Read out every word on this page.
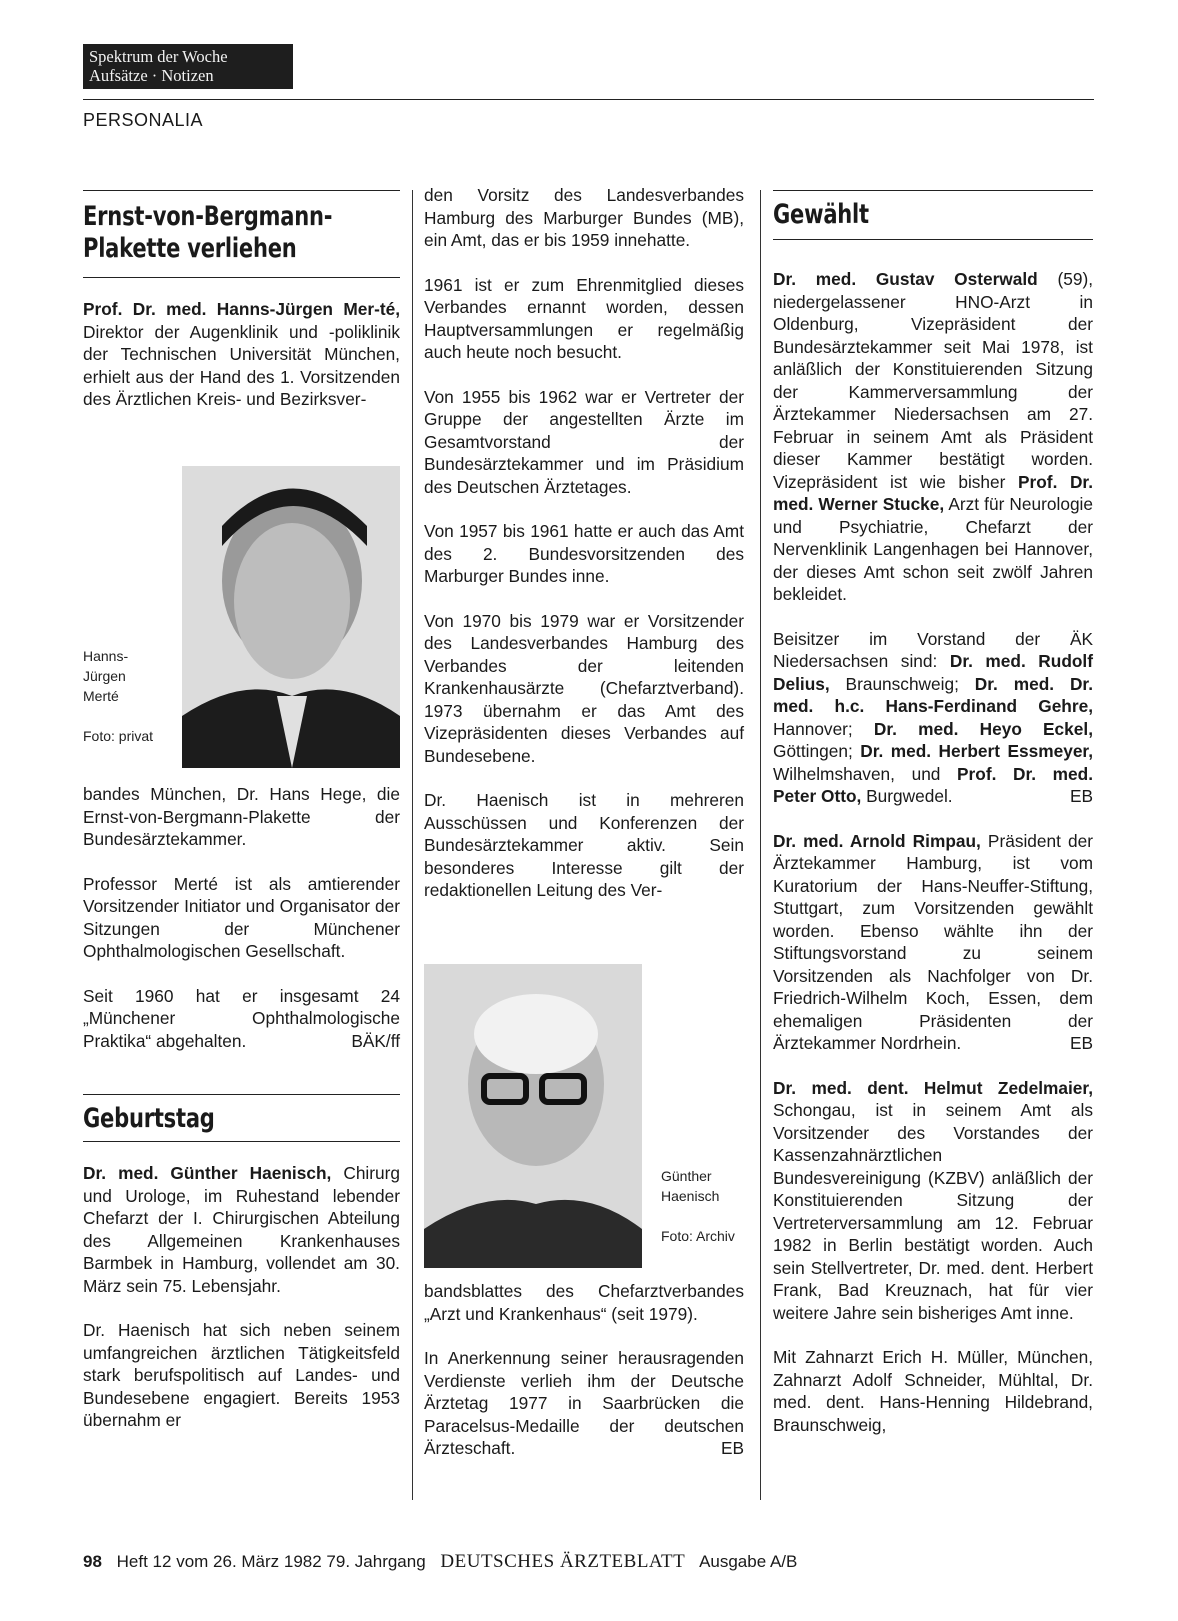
Spektrum der Woche
Aufsätze · Notizen
PERSONALIA
Ernst-von-Bergmann-
Plakette verliehen

Prof. Dr. med. Hanns-Jürgen Mer-té, Direktor der Augenklinik und -poliklinik der Technischen Universität München, erhielt aus der Hand des 1. Vorsitzenden des Ärztlichen Kreis- und Bezirksver-

Hanns-Jürgen Merté
Foto: privat

bandes München, Dr. Hans Hege, die Ernst-von-Bergmann-Plakette der Bundesärztekammer.

Professor Merté ist als amtierender Vorsitzender Initiator und Organisator der Sitzungen der Münchener Ophthalmologischen Gesellschaft.

Seit 1960 hat er insgesamt 24 „Münchener Ophthalmologische Praktika“ abgehalten.	BÄK/ff

Geburtstag

Dr. med. Günther Haenisch, Chirurg und Urologe, im Ruhestand lebender Chefarzt der I. Chirurgischen Abteilung des Allgemeinen Krankenhauses Barmbek in Hamburg, vollendet am 30. März sein 75. Lebensjahr.

Dr. Haenisch hat sich neben seinem umfangreichen ärztlichen Tätigkeitsfeld stark berufspolitisch auf Landes- und Bundesebene engagiert. Bereits 1953 übernahm er

den Vorsitz des Landesverbandes Hamburg des Marburger Bundes (MB), ein Amt, das er bis 1959 innehatte.

1961 ist er zum Ehrenmitglied dieses Verbandes ernannt worden, dessen Hauptversammlungen er regelmäßig auch heute noch besucht.

Von 1955 bis 1962 war er Vertreter der Gruppe der angestellten Ärzte im Gesamtvorstand der Bundesärztekammer und im Präsidium des Deutschen Ärztetages.

Von 1957 bis 1961 hatte er auch das Amt des 2. Bundesvorsitzenden des Marburger Bundes inne.

Von 1970 bis 1979 war er Vorsitzender des Landesverbandes Hamburg des Verbandes der leitenden Krankenhausärzte (Chefarztverband). 1973 übernahm er das Amt des Vizepräsidenten dieses Verbandes auf Bundesebene.

Dr. Haenisch ist in mehreren Ausschüssen und Konferenzen der Bundesärztekammer aktiv. Sein besonderes Interesse gilt der redaktionellen Leitung des Ver-

Günther Haenisch
Foto: Archiv

bandsblattes des Chefarztverbandes „Arzt und Krankenhaus“ (seit 1979).

In Anerkennung seiner herausragenden Verdienste verlieh ihm der Deutsche Ärztetag 1977 in Saarbrücken die Paracelsus-Medaille der deutschen Ärzteschaft.	EB

Gewählt

Dr. med. Gustav Osterwald (59), niedergelassener HNO-Arzt in Oldenburg, Vizepräsident der Bundesärztekammer seit Mai 1978, ist anläßlich der Konstituierenden Sitzung der Kammerversammlung der Ärztekammer Niedersachsen am 27. Februar in seinem Amt als Präsident dieser Kammer bestätigt worden. Vizepräsident ist wie bisher Prof. Dr. med. Werner Stucke, Arzt für Neurologie und Psychiatrie, Chefarzt der Nervenklinik Langenhagen bei Hannover, der dieses Amt schon seit zwölf Jahren bekleidet.

Beisitzer im Vorstand der ÄK Niedersachsen sind: Dr. med. Rudolf Delius, Braunschweig; Dr. med. Dr. med. h.c. Hans-Ferdinand Gehre, Hannover; Dr. med. Heyo Eckel, Göttingen; Dr. med. Herbert Essmeyer, Wilhelmshaven, und Prof. Dr. med. Peter Otto, Burgwedel.	EB

Dr. med. Arnold Rimpau, Präsident der Ärztekammer Hamburg, ist vom Kuratorium der Hans-Neuffer-Stiftung, Stuttgart, zum Vorsitzenden gewählt worden. Ebenso wählte ihn der Stiftungsvorstand zu seinem Vorsitzenden als Nachfolger von Dr. Friedrich-Wilhelm Koch, Essen, dem ehemaligen Präsidenten der Ärztekammer Nordrhein.	EB

Dr. med. dent. Helmut Zedelmaier, Schongau, ist in seinem Amt als Vorsitzender des Vorstandes der Kassenzahnärztlichen Bundesvereinigung (KZBV) anläßlich der Konstituierenden Sitzung der Vertreterversammlung am 12. Februar 1982 in Berlin bestätigt worden. Auch sein Stellvertreter, Dr. med. dent. Herbert Frank, Bad Kreuznach, hat für vier weitere Jahre sein bisheriges Amt inne.

Mit Zahnarzt Erich H. Müller, München, Zahnarzt Adolf Schneider, Mühltal, Dr. med. dent. Hans-Henning Hildebrand, Braunschweig,

98 Heft 12 vom 26. März 1982 79. Jahrgang DEUTSCHES ÄRZTEBLATT Ausgabe A/B
